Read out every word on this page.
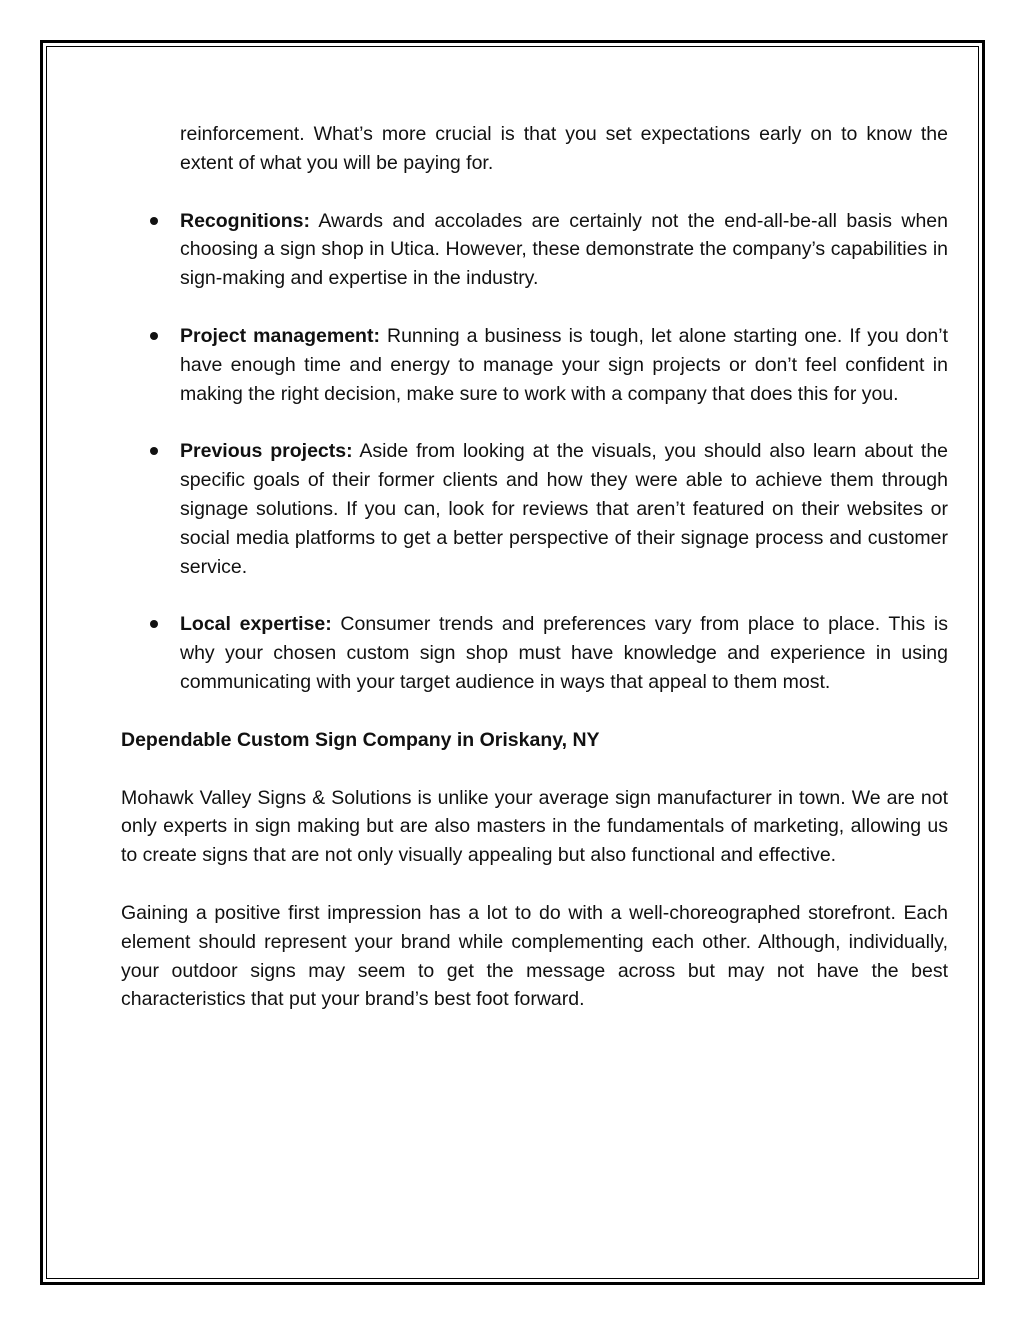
reinforcement. What’s more crucial is that you set expectations early on to know the extent of what you will be paying for.

Recognitions: Awards and accolades are certainly not the end-all-be-all basis when choosing a sign shop in Utica. However, these demonstrate the company’s capabilities in sign-making and expertise in the industry.
Project management: Running a business is tough, let alone starting one. If you don’t have enough time and energy to manage your sign projects or don’t feel confident in making the right decision, make sure to work with a company that does this for you.
Previous projects: Aside from looking at the visuals, you should also learn about the specific goals of their former clients and how they were able to achieve them through signage solutions. If you can, look for reviews that aren’t featured on their websites or social media platforms to get a better perspective of their signage process and customer service.
Local expertise: Consumer trends and preferences vary from place to place. This is why your chosen custom sign shop must have knowledge and experience in using communicating with your target audience in ways that appeal to them most.

Dependable Custom Sign Company in Oriskany, NY

Mohawk Valley Signs & Solutions is unlike your average sign manufacturer in town. We are not only experts in sign making but are also masters in the fundamentals of marketing, allowing us to create signs that are not only visually appealing but also functional and effective.

Gaining a positive first impression has a lot to do with a well-choreographed storefront. Each element should represent your brand while complementing each other. Although, individually, your outdoor signs may seem to get the message across but may not have the best characteristics that put your brand’s best foot forward.
